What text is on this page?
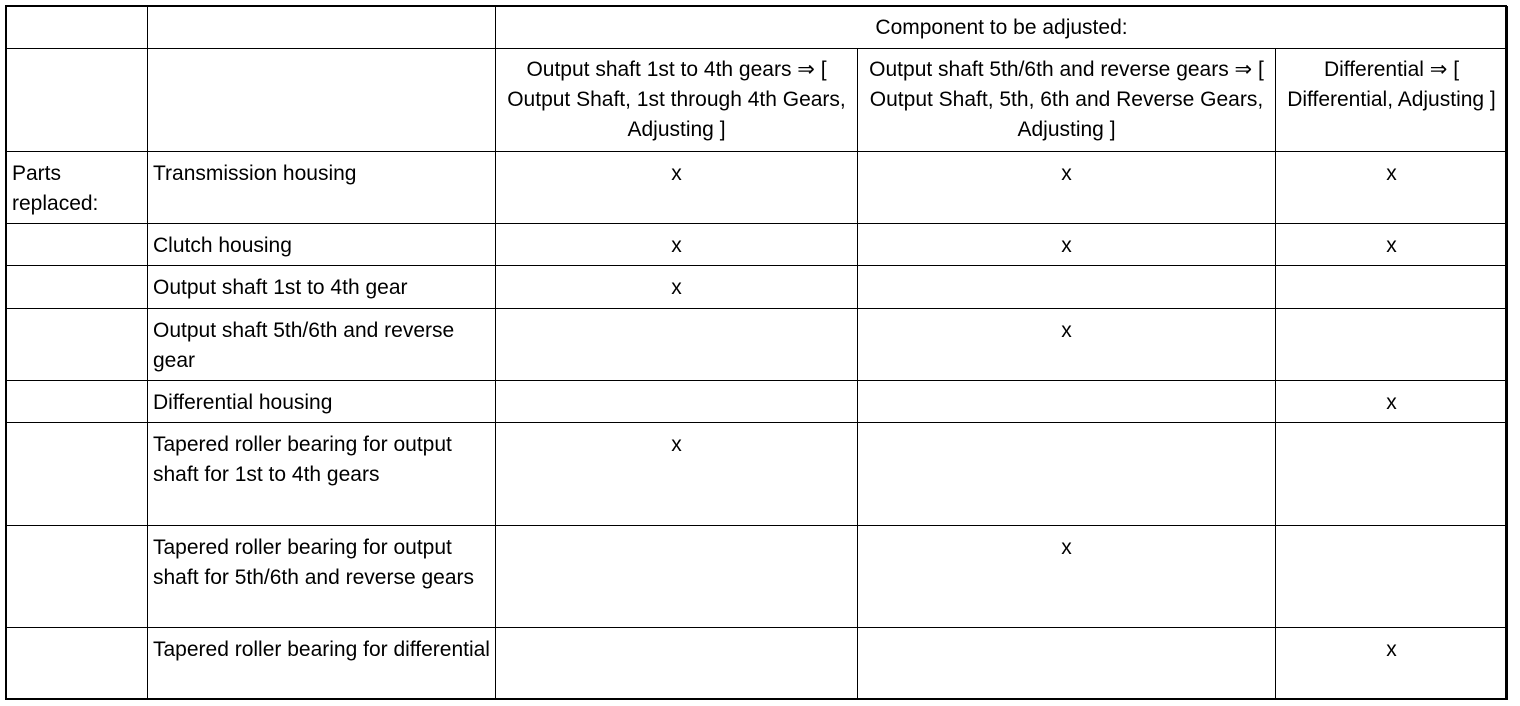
		Component to be adjusted:		
		Output shaft 1st to 4th gears ⇒ [ Output Shaft, 1st through 4th Gears, Adjusting ]	Output shaft 5th/6th and reverse gears ⇒ [ Output Shaft, 5th, 6th and Reverse Gears, Adjusting ]	Differential ⇒ [ Differential, Adjusting ]
Parts replaced:	Transmission housing	x	x	x
	Clutch housing	x	x	x
	Output shaft 1st to 4th gear	x		
	Output shaft 5th/6th and reverse gear		x	
	Differential housing			x
	Tapered roller bearing for output shaft for 1st to 4th gears	x		
	Tapered roller bearing for output shaft for 5th/6th and reverse gears		x	
	Tapered roller bearing for differential			x
